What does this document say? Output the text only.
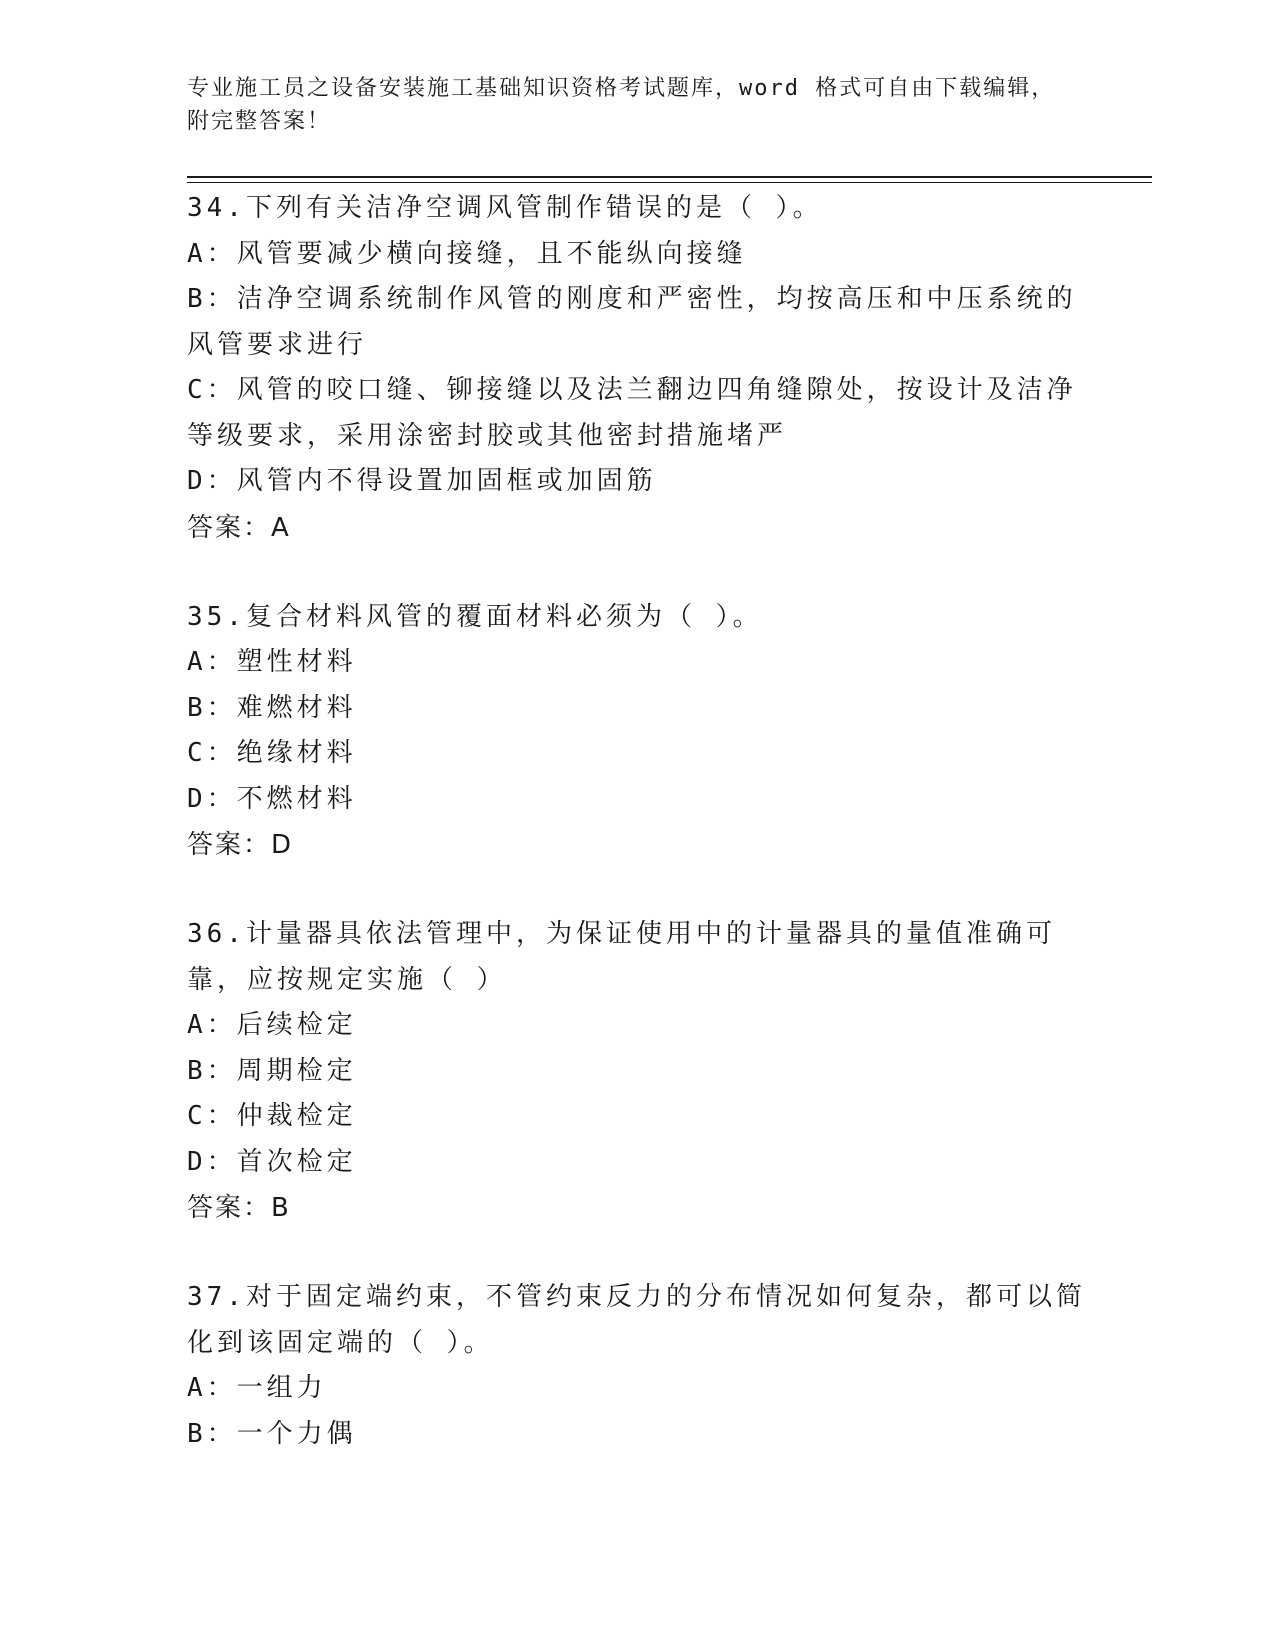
专业施工员之设备安装施工基础知识资格考试题库，word 格式可自由下载编辑，附完整答案！
34.下列有关洁净空调风管制作错误的是（ ）。
A：风管要减少横向接缝，且不能纵向接缝
B：洁净空调系统制作风管的刚度和严密性，均按高压和中压系统的风管要求进行
C：风管的咬口缝、铆接缝以及法兰翻边四角缝隙处，按设计及洁净等级要求，采用涂密封胶或其他密封措施堵严
D：风管内不得设置加固框或加固筋
答案：A
35.复合材料风管的覆面材料必须为（ ）。
A：塑性材料
B：难燃材料
C：绝缘材料
D：不燃材料
答案：D
36.计量器具依法管理中，为保证使用中的计量器具的量值准确可靠，应按规定实施（ ）
A：后续检定
B：周期检定
C：仲裁检定
D：首次检定
答案：B
37.对于固定端约束，不管约束反力的分布情况如何复杂，都可以简化到该固定端的（ ）。
A：一组力
B：一个力偶
